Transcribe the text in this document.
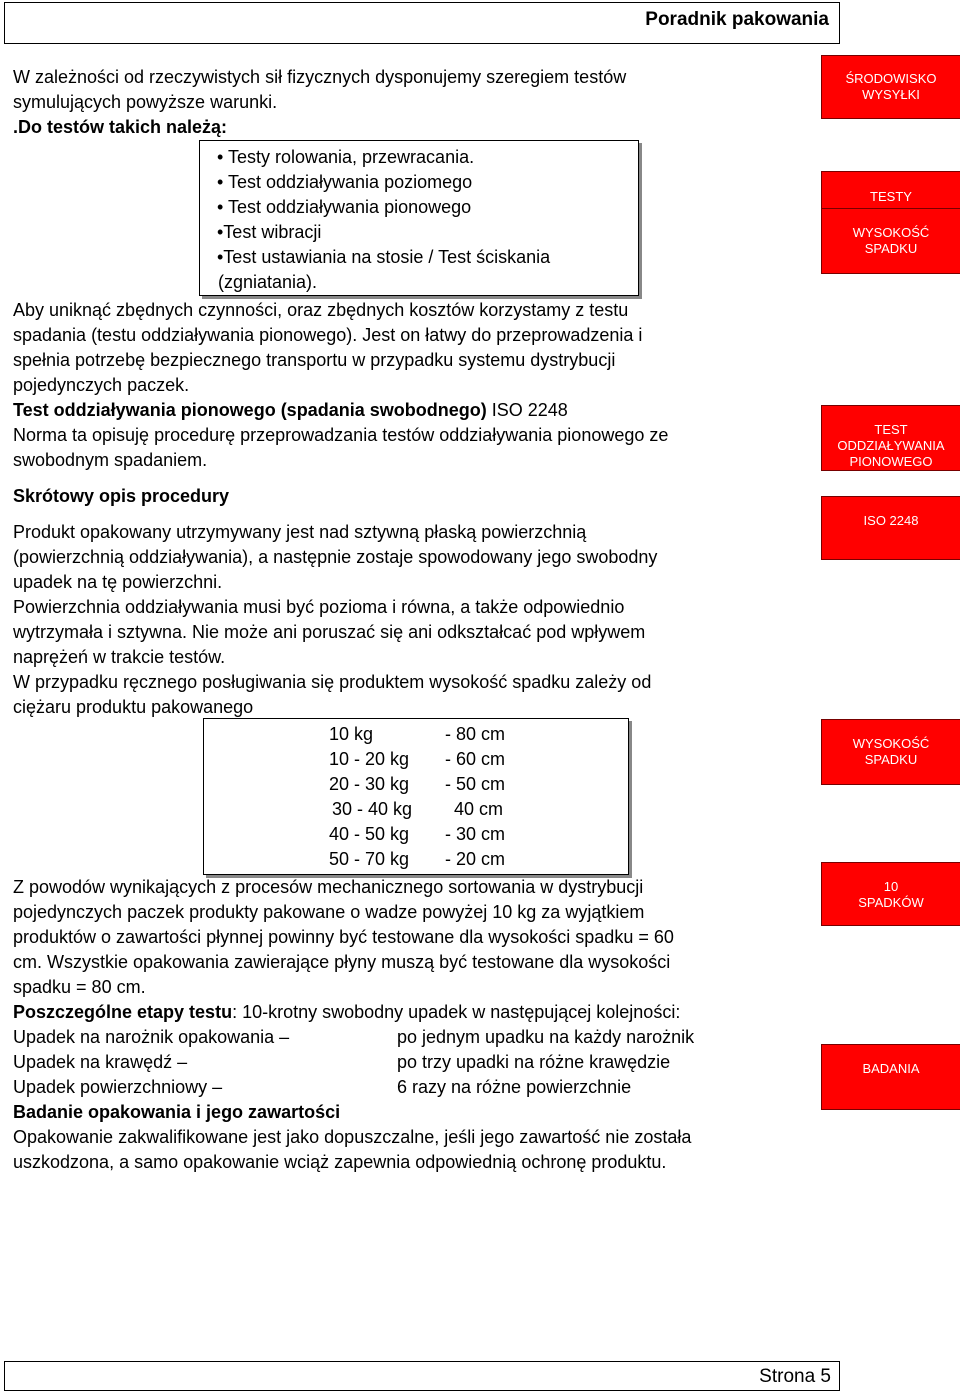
Poradnik pakowania
W zależności od rzeczywistych sił fizycznych dysponujemy szeregiem testów
symulujących powyższe warunki.
.Do testów takich należą:
• Testy rolowania, przewracania.
• Test oddziaływania poziomego
• Test oddziaływania pionowego
•Test wibracji
•Test ustawiania na stosie / Test ściskania
(zgniatania).
Aby uniknąć zbędnych czynności, oraz zbędnych kosztów korzystamy z testu
spadania (testu oddziaływania pionowego). Jest on łatwy do przeprowadzenia i
spełnia potrzebę bezpiecznego transportu w przypadku systemu dystrybucji
pojedynczych paczek.
Test oddziaływania pionowego (spadania swobodnego) ISO 2248
Norma ta opisuję procedurę przeprowadzania testów oddziaływania pionowego ze
swobodnym spadaniem.
Skrótowy opis procedury
Produkt opakowany utrzymywany jest nad sztywną płaską powierzchnią
(powierzchnią oddziaływania), a następnie zostaje spowodowany jego swobodny
upadek na tę powierzchni.
Powierzchnia oddziaływania musi być pozioma i równa, a także odpowiednio
wytrzymała i sztywna. Nie może ani poruszać się ani odkształcać pod wpływem
naprężeń w trakcie testów.
W przypadku ręcznego posługiwania się produktem wysokość spadku zależy od
ciężaru produktu pakowanego
10 kg	- 80 cm
10 - 20 kg - 60 cm
20 - 30 kg - 50 cm
30 - 40 kg 40 cm
40 - 50 kg - 30 cm
50 - 70 kg - 20 cm
Z powodów wynikających z procesów mechanicznego sortowania w dystrybucji
pojedynczych paczek produkty pakowane o wadze powyżej 10 kg za wyjątkiem
produktów o zawartości płynnej powinny być testowane dla wysokości spadku = 60
cm. Wszystkie opakowania zawierające płyny muszą być testowane dla wysokości
spadku = 80 cm.
Poszczególne etapy testu: 10-krotny swobodny upadek w następującej kolejności:
Upadek na narożnik opakowania –	po jednym upadku na każdy narożnik
Upadek na krawędź –	po trzy upadki na różne krawędzie
Upadek powierzchniowy –	6 razy na różne powierzchnie
Badanie opakowania i jego zawartości
Opakowanie zakwalifikowane jest jako dopuszczalne, jeśli jego zawartość nie została
uszkodzona, a samo opakowanie wciąż zapewnia odpowiednią ochronę produktu.
ŚRODOWISKO
WYSYŁKI
TESTY
WYSOKOŚĆ
SPADKU
TEST
ODDZIAŁYWANIA
PIONOWEGO
ISO 2248
WYSOKOŚĆ
SPADKU
10
SPADKÓW
BADANIA
Strona 5
